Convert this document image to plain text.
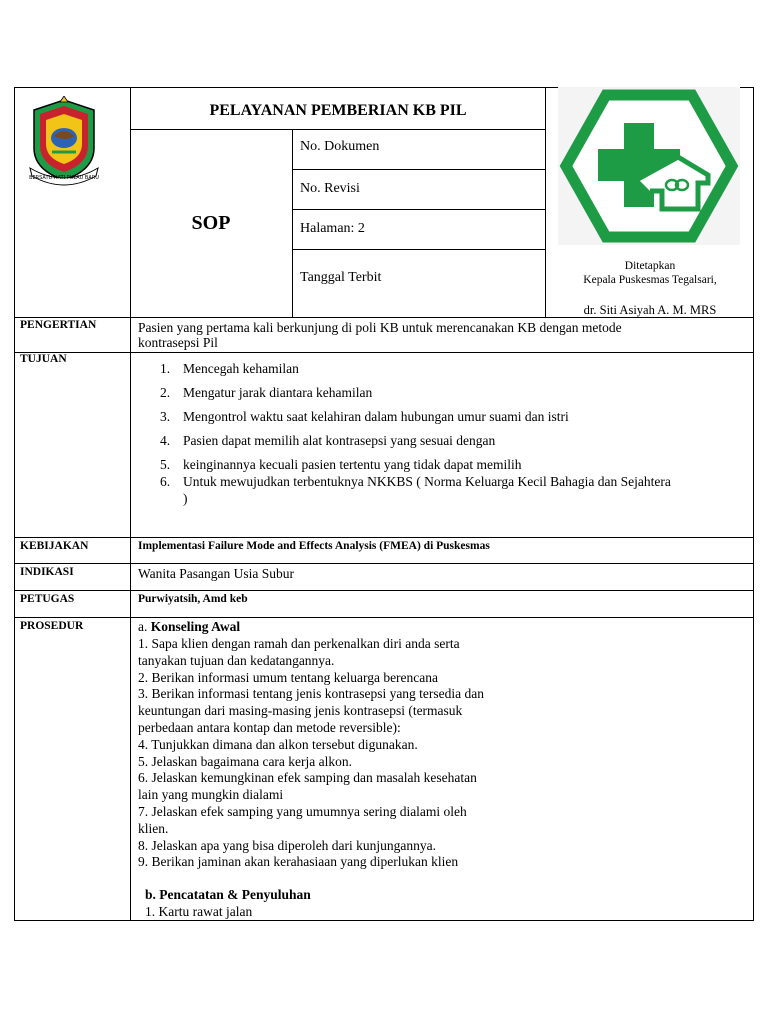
BERSATU HATI PULAU BARU
PELAYANAN PEMBERIAN KB PIL
SOP
No. Dokumen
No. Revisi
Halaman: 2
Tanggal Terbit
Ditetapkan
Kepala Puskesmas Tegalsari,
dr. Siti Asiyah A. M. MRS
PENGERTIAN	Pasien yang pertama kali berkunjung di poli KB untuk merencanakan KB dengan metode
kontrasepsi Pil
TUJUAN
1. Mencegah kehamilan
2. Mengatur jarak diantara kehamilan
3. Mengontrol waktu saat kelahiran dalam hubungan umur suami dan istri
4. Pasien dapat memilih alat kontrasepsi yang sesuai dengan
5. keinginannya kecuali pasien tertentu yang tidak dapat memilih
6. Untuk mewujudkan terbentuknya NKKBS ( Norma Keluarga Kecil Bahagia dan Sejahtera
)
KEBIJAKAN	Implementasi Failure Mode and Effects Analysis (FMEA) di Puskesmas
INDIKASI	Wanita Pasangan Usia Subur
PETUGAS	Purwiyatsih, Amd keb
PROSEDUR	a. Konseling Awal
1. Sapa klien dengan ramah dan perkenalkan diri anda serta
tanyakan tujuan dan kedatangannya.
2. Berikan informasi umum tentang keluarga berencana
3. Berikan informasi tentang jenis kontrasepsi yang tersedia dan
keuntungan dari masing-masing jenis kontrasepsi (termasuk
perbedaan antara kontap dan metode reversible):
4. Tunjukkan dimana dan alkon tersebut digunakan.
5. Jelaskan bagaimana cara kerja alkon.
6. Jelaskan kemungkinan efek samping dan masalah kesehatan
lain yang mungkin dialami
7. Jelaskan efek samping yang umumnya sering dialami oleh
klien.
8. Jelaskan apa yang bisa diperoleh dari kunjungannya.
9. Berikan jaminan akan kerahasiaan yang diperlukan klien
b. Pencatatan & Penyuluhan
1. Kartu rawat jalan
